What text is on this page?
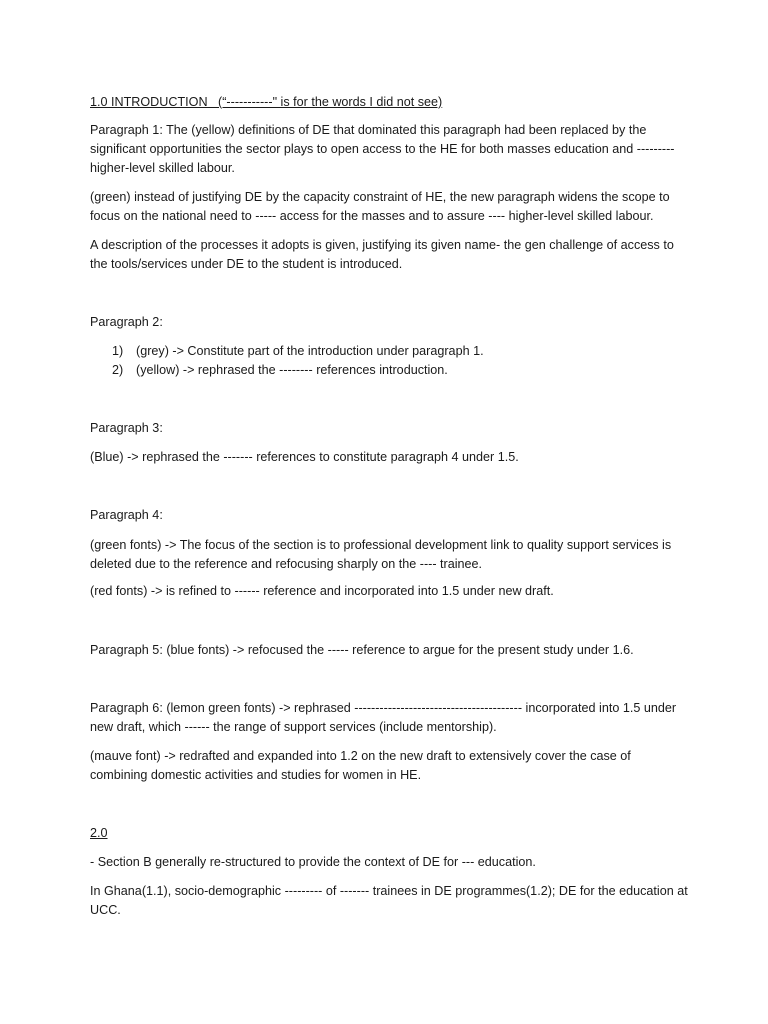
1.0 INTRODUCTION   (“-----------" is for the words I did not see)

Paragraph 1: The (yellow) definitions of DE that dominated this paragraph had been replaced by the significant opportunities the sector plays to open access to the HE for both masses education and --------- higher-level skilled labour.

(green) instead of justifying DE by the capacity constraint of HE, the new paragraph widens the scope to focus on the national need to ----- access for the masses and to assure ---- higher-level skilled labour.

A description of the processes it adopts is given, justifying its given name- the gen challenge of access to the tools/services under DE to the student is introduced.

Paragraph 2:

1)	(grey) -> Constitute part of the introduction under paragraph 1.
2)	(yellow) -> rephrased the -------- references introduction.

Paragraph 3:

(Blue) -> rephrased the ------- references to constitute paragraph 4 under 1.5.

Paragraph 4:

(green fonts) -> The focus of the section is to professional development link to quality support services is deleted due to the reference and refocusing sharply on the ---- trainee.

(red fonts) -> is refined to ------ reference and incorporated into 1.5 under new draft.

Paragraph 5: (blue fonts) -> refocused the ----- reference to argue for the present study under 1.6.

Paragraph 6: (lemon green fonts) -> rephrased ---------------------------------------- incorporated into 1.5 under new draft, which ------ the range of support services (include mentorship).

(mauve font) -> redrafted and expanded into 1.2 on the new draft to extensively cover the case of combining domestic activities and studies for women in HE.

2.0

- Section B generally re-structured to provide the context of DE for --- education.

In Ghana(1.1), socio-demographic --------- of ------- trainees in DE programmes(1.2); DE for the education at UCC.
